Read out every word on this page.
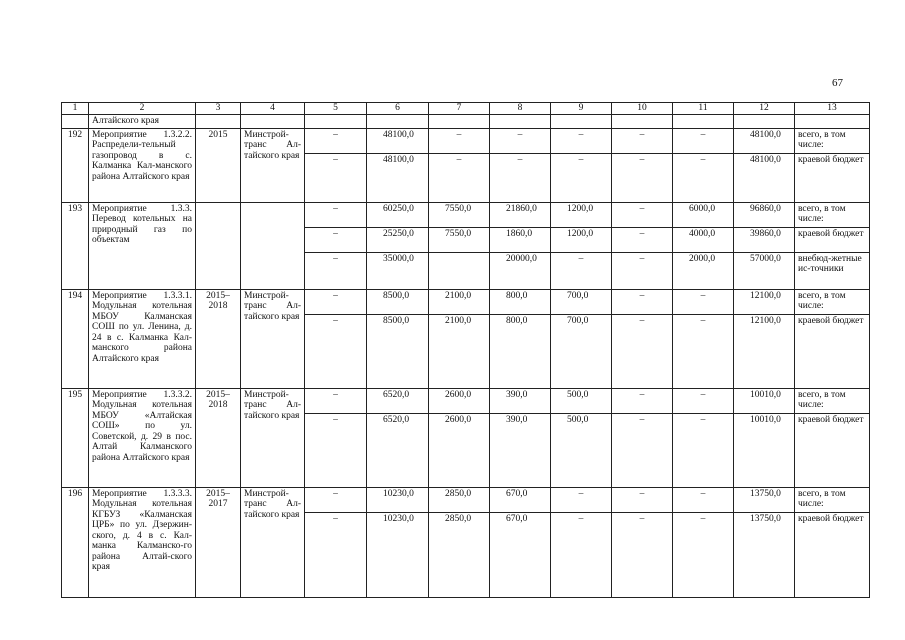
67
1	2	3	4	5	6	7	8	9	10	11	12	13
	Алтайского края											
192	Мероприятие 1.3.2.2. Распредели-тельный газопровод в с. Калманка Кал-манского района Алтайского края	2015	Минстрой-транс Ал-тайского края	–	48100,0	–	–	–	–	–	48100,0	всего, в том числе:
				–	48100,0	–	–	–	–	–	48100,0	краевой бюджет
193	Мероприятие 1.3.3. Перевод котельных на природный газ по объектам			–	60250,0	7550,0	21860,0	1200,0	–	6000,0	96860,0	всего, в том числе:
				–	25250,0	7550,0	1860,0	1200,0	–	4000,0	39860,0	краевой бюджет
				–	35000,0		20000,0	–	–	2000,0	57000,0	внебюд-жетные ис-точники
194	Мероприятие 1.3.3.1. Модульная котельная МБОУ Калманская СОШ по ул. Ленина, д. 24 в с. Калманка Кал-манского района Алтайского края	2015–2018	Минстрой-транс Ал-тайского края	–	8500,0	2100,0	800,0	700,0	–	–	12100,0	всего, в том числе:
				–	8500,0	2100,0	800,0	700,0	–	–	12100,0	краевой бюджет
195	Мероприятие 1.3.3.2. Модульная котельная МБОУ «Алтайская СОШ» по ул. Советской, д. 29 в пос. Алтай Калманского района Алтайского края	2015–2018	Минстрой-транс Ал-тайского края	–	6520,0	2600,0	390,0	500,0	–	–	10010,0	всего, в том числе:
				–	6520,0	2600,0	390,0	500,0	–	–	10010,0	краевой бюджет
196	Мероприятие 1.3.3.3. Модульная котельная КГБУЗ «Калманская ЦРБ» по ул. Дзержин-ского, д. 4 в с. Кал-манка Калманско-го района Алтай-ского края	2015–2017	Минстрой-транс Ал-тайского края	–	10230,0	2850,0	670,0	–	–	–	13750,0	всего, в том числе:
				–	10230,0	2850,0	670,0	–	–	–	13750,0	краевой бюджет
